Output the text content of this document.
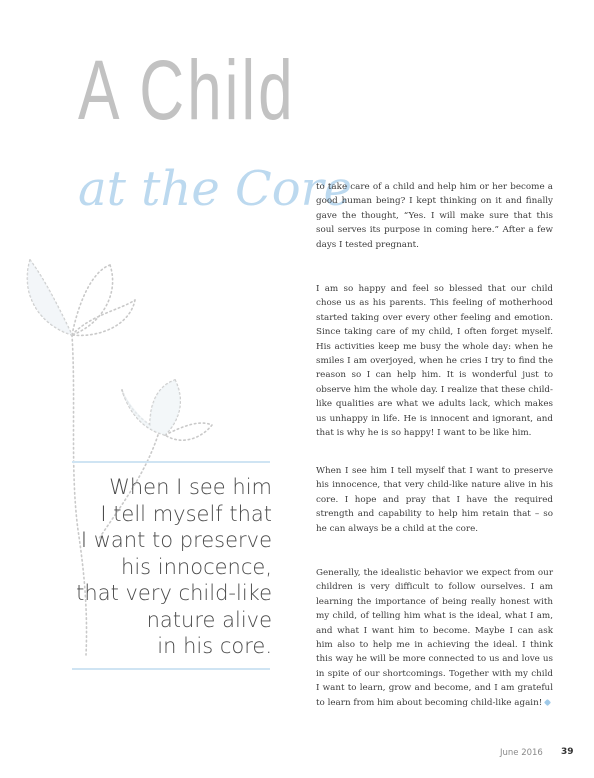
A Child
at the Core
When I see him
I tell myself that
I want to preserve
his innocence,
that very child-like
nature alive
in his core.

to take care of a child and help him or her become a good human being? I kept thinking on it and finally gave the thought, “Yes. I will make sure that this soul serves its purpose in coming here.” After a few days I tested pregnant.

I am so happy and feel so blessed that our child chose us as his parents. This feeling of motherhood started taking over every other feeling and emotion. Since taking care of my child, I often forget myself. His activities keep me busy the whole day: when he smiles I am overjoyed, when he cries I try to find the reason so I can help him. It is wonderful just to observe him the whole day. I realize that these child-like qualities are what we adults lack, which makes us unhappy in life. He is innocent and ignorant, and that is why he is so happy! I want to be like him.

When I see him I tell myself that I want to preserve his innocence, that very child-like nature alive in his core. I hope and pray that I have the required strength and capability to help him retain that – so he can always be a child at the core.

Generally, the idealistic behavior we expect from our children is very difficult to follow ourselves. I am learning the importance of being really honest with my child, of telling him what is the ideal, what I am, and what I want him to become. Maybe I can ask him also to help me in achieving the ideal. I think this way he will be more connected to us and love us in spite of our shortcomings. Together with my child I want to learn, grow and become, and I am grateful to learn from him about becoming child-like again!

June 2016 39
